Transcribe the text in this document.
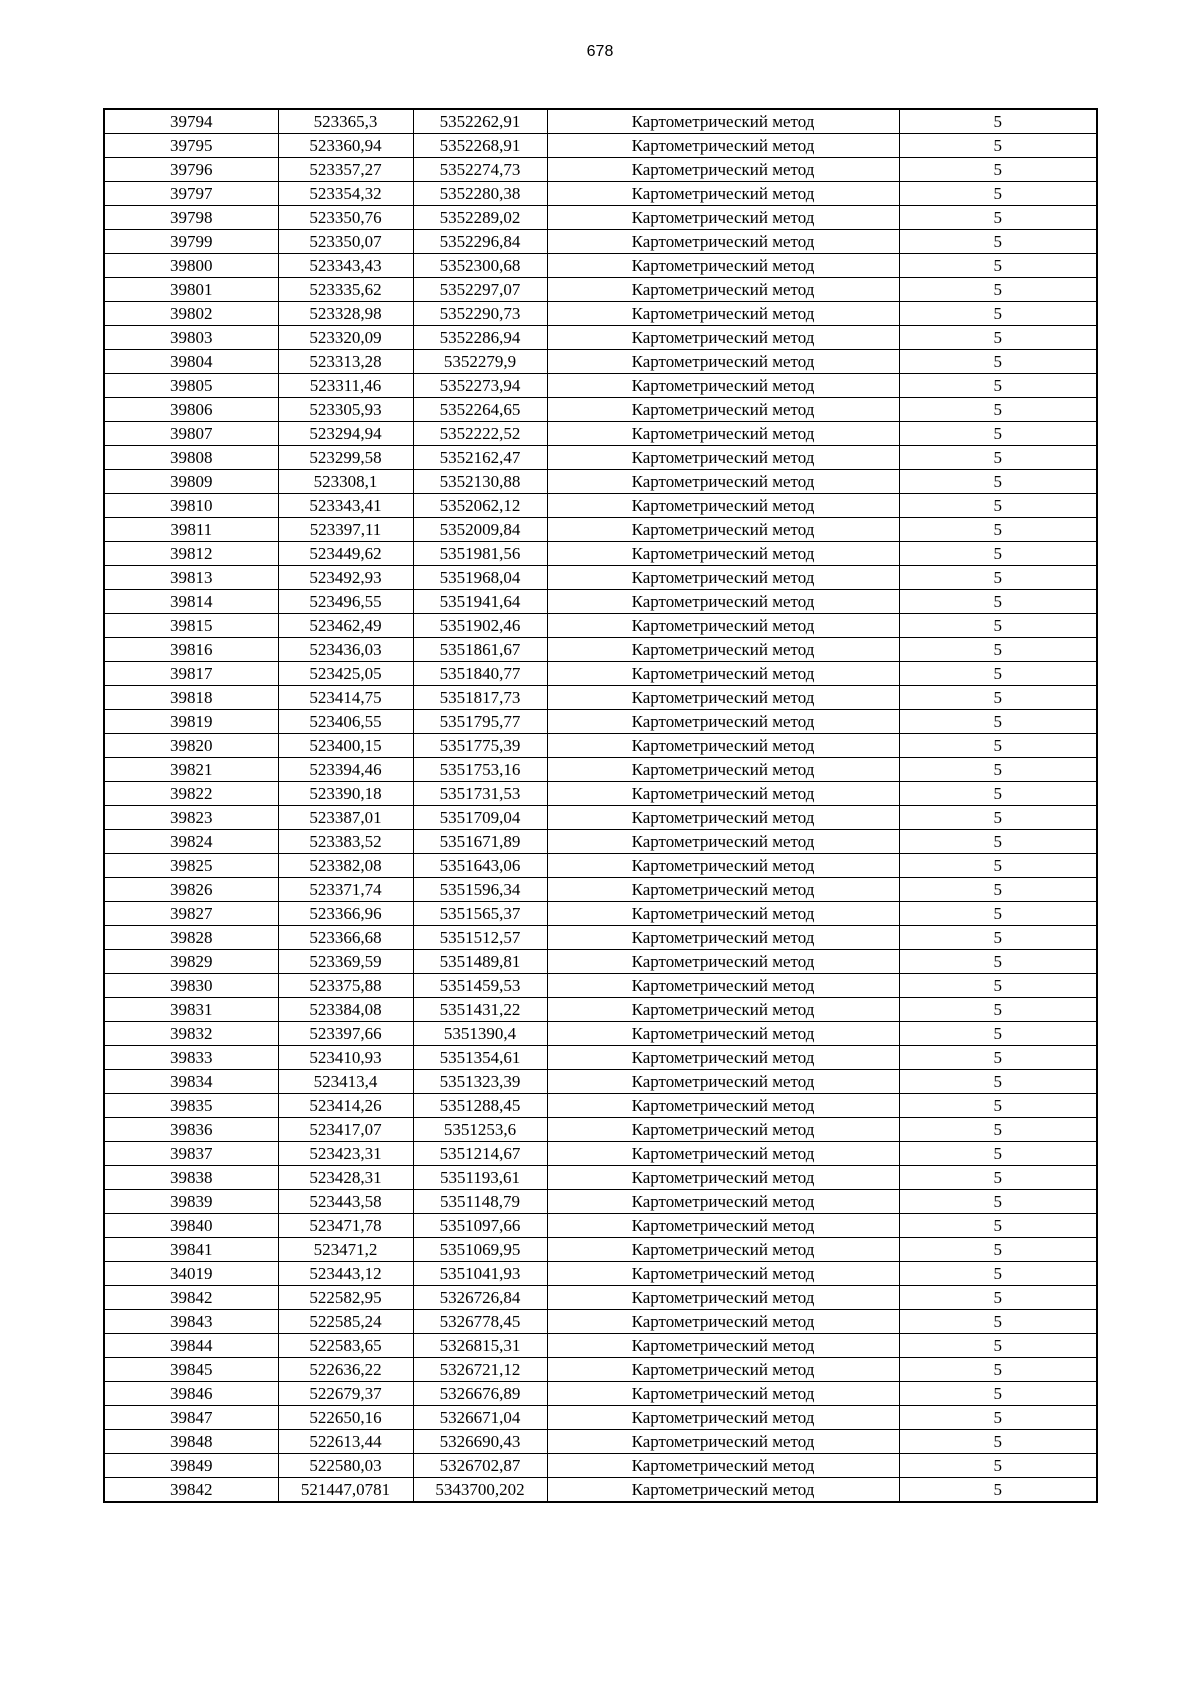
678
39794	523365,3	5352262,91	Картометрический метод	5
39795	523360,94	5352268,91	Картометрический метод	5
39796	523357,27	5352274,73	Картометрический метод	5
39797	523354,32	5352280,38	Картометрический метод	5
39798	523350,76	5352289,02	Картометрический метод	5
39799	523350,07	5352296,84	Картометрический метод	5
39800	523343,43	5352300,68	Картометрический метод	5
39801	523335,62	5352297,07	Картометрический метод	5
39802	523328,98	5352290,73	Картометрический метод	5
39803	523320,09	5352286,94	Картометрический метод	5
39804	523313,28	5352279,9	Картометрический метод	5
39805	523311,46	5352273,94	Картометрический метод	5
39806	523305,93	5352264,65	Картометрический метод	5
39807	523294,94	5352222,52	Картометрический метод	5
39808	523299,58	5352162,47	Картометрический метод	5
39809	523308,1	5352130,88	Картометрический метод	5
39810	523343,41	5352062,12	Картометрический метод	5
39811	523397,11	5352009,84	Картометрический метод	5
39812	523449,62	5351981,56	Картометрический метод	5
39813	523492,93	5351968,04	Картометрический метод	5
39814	523496,55	5351941,64	Картометрический метод	5
39815	523462,49	5351902,46	Картометрический метод	5
39816	523436,03	5351861,67	Картометрический метод	5
39817	523425,05	5351840,77	Картометрический метод	5
39818	523414,75	5351817,73	Картометрический метод	5
39819	523406,55	5351795,77	Картометрический метод	5
39820	523400,15	5351775,39	Картометрический метод	5
39821	523394,46	5351753,16	Картометрический метод	5
39822	523390,18	5351731,53	Картометрический метод	5
39823	523387,01	5351709,04	Картометрический метод	5
39824	523383,52	5351671,89	Картометрический метод	5
39825	523382,08	5351643,06	Картометрический метод	5
39826	523371,74	5351596,34	Картометрический метод	5
39827	523366,96	5351565,37	Картометрический метод	5
39828	523366,68	5351512,57	Картометрический метод	5
39829	523369,59	5351489,81	Картометрический метод	5
39830	523375,88	5351459,53	Картометрический метод	5
39831	523384,08	5351431,22	Картометрический метод	5
39832	523397,66	5351390,4	Картометрический метод	5
39833	523410,93	5351354,61	Картометрический метод	5
39834	523413,4	5351323,39	Картометрический метод	5
39835	523414,26	5351288,45	Картометрический метод	5
39836	523417,07	5351253,6	Картометрический метод	5
39837	523423,31	5351214,67	Картометрический метод	5
39838	523428,31	5351193,61	Картометрический метод	5
39839	523443,58	5351148,79	Картометрический метод	5
39840	523471,78	5351097,66	Картометрический метод	5
39841	523471,2	5351069,95	Картометрический метод	5
34019	523443,12	5351041,93	Картометрический метод	5
39842	522582,95	5326726,84	Картометрический метод	5
39843	522585,24	5326778,45	Картометрический метод	5
39844	522583,65	5326815,31	Картометрический метод	5
39845	522636,22	5326721,12	Картометрический метод	5
39846	522679,37	5326676,89	Картометрический метод	5
39847	522650,16	5326671,04	Картометрический метод	5
39848	522613,44	5326690,43	Картометрический метод	5
39849	522580,03	5326702,87	Картометрический метод	5
39842	521447,0781	5343700,202	Картометрический метод	5
